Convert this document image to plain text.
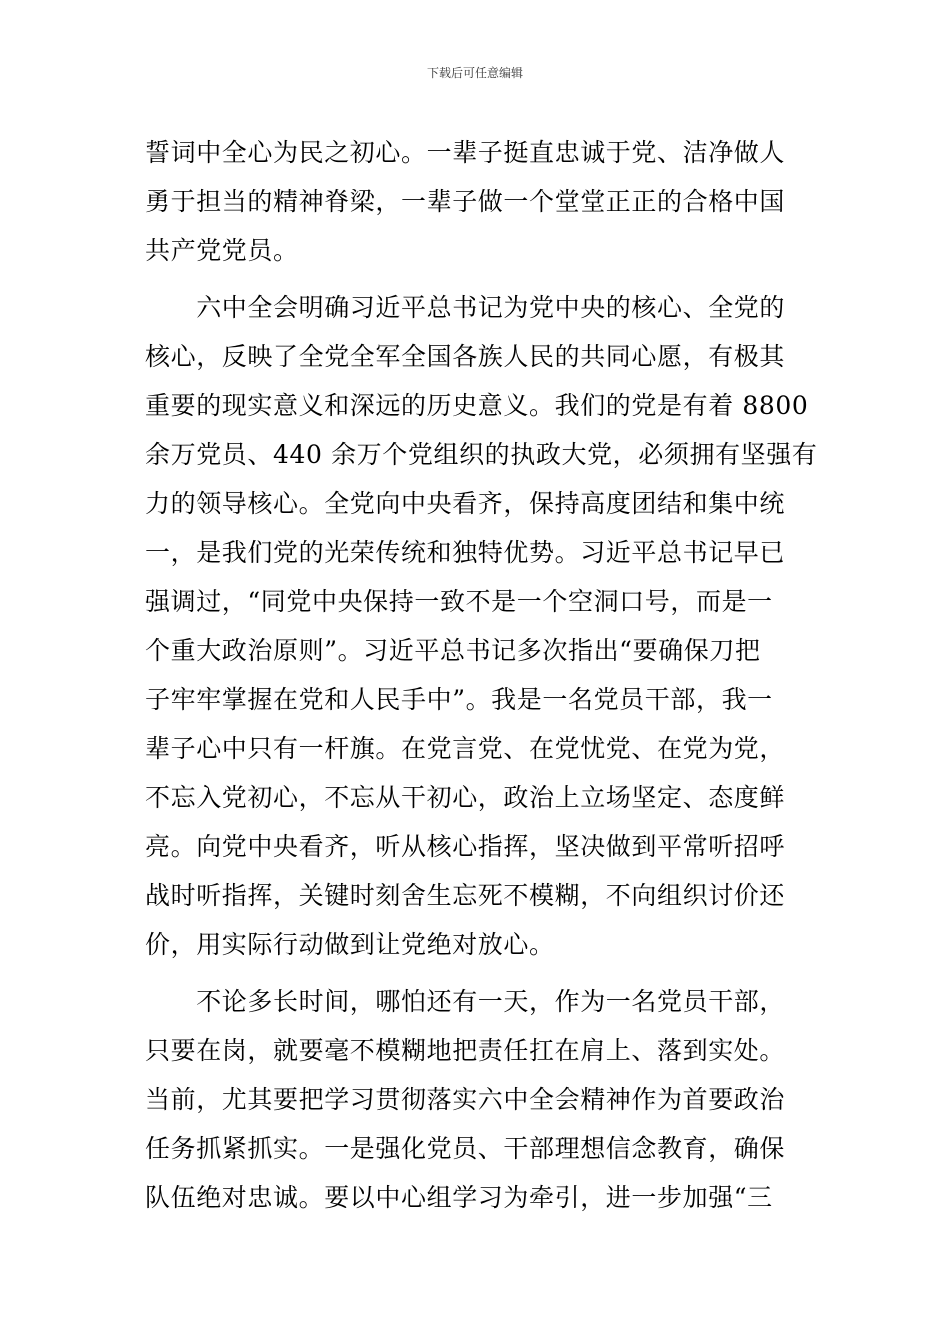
下载后可任意编辑
誓词中全心为民之初心。一辈子挺直忠诚于党、洁净做人
勇于担当的精神脊梁，一辈子做一个堂堂正正的合格中国
共产党党员。
　　六中全会明确习近平总书记为党中央的核心、全党的
核心，反映了全党全军全国各族人民的共同心愿，有极其
重要的现实意义和深远的历史意义。我们的党是有着 8800
余万党员、440 余万个党组织的执政大党，必须拥有坚强有
力的领导核心。全党向中央看齐，保持高度团结和集中统
一，是我们党的光荣传统和独特优势。习近平总书记早已
强调过，“同党中央保持一致不是一个空洞口号，而是一
个重大政治原则”。习近平总书记多次指出“要确保刀把
子牢牢掌握在党和人民手中”。我是一名党员干部，我一
辈子心中只有一杆旗。在党言党、在党忧党、在党为党，
不忘入党初心，不忘从干初心，政治上立场坚定、态度鲜
亮。向党中央看齐，听从核心指挥，坚决做到平常听招呼
战时听指挥，关键时刻舍生忘死不模糊，不向组织讨价还
价，用实际行动做到让党绝对放心。
　　不论多长时间，哪怕还有一天，作为一名党员干部，
只要在岗，就要毫不模糊地把责任扛在肩上、落到实处。
当前，尤其要把学习贯彻落实六中全会精神作为首要政治
任务抓紧抓实。一是强化党员、干部理想信念教育，确保
队伍绝对忠诚。要以中心组学习为牵引，进一步加强“三
